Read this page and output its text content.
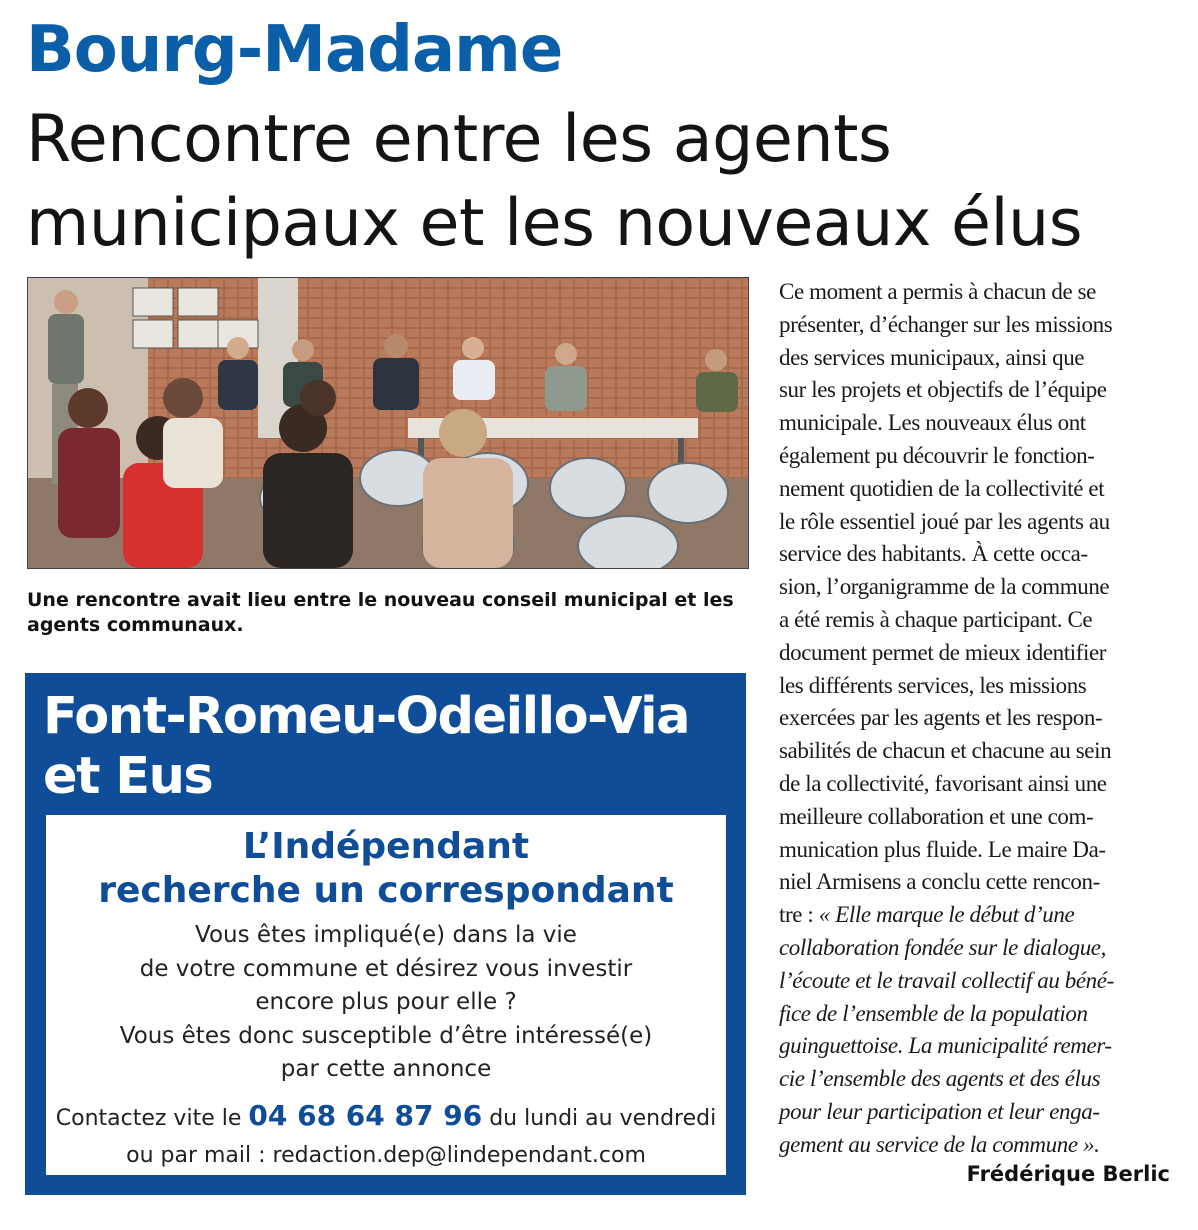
Bourg-Madame
Rencontre entre les agents
municipaux et les nouveaux élus
Une rencontre avait lieu entre le nouveau conseil municipal et les agents communaux.
Font-Romeu-Odeillo-Via
et Eus
L’Indépendant
recherche un correspondant
Vous êtes impliqué(e) dans la vie
de votre commune et désirez vous investir
encore plus pour elle ?
Vous êtes donc susceptible d’être intéressé(e)
par cette annonce
Contactez vite le 04 68 64 87 96 du lundi au vendredi
ou par mail : redaction.dep@lindependant.com
Ce moment a permis à chacun de se
présenter, d’échanger sur les missions
des services municipaux, ainsi que
sur les projets et objectifs de l’équipe
municipale. Les nouveaux élus ont
également pu découvrir le fonction-
nement quotidien de la collectivité et
le rôle essentiel joué par les agents au
service des habitants. À cette occa-
sion, l’organigramme de la commune
a été remis à chaque participant. Ce
document permet de mieux identifier
les différents services, les missions
exercées par les agents et les respon-
sabilités de chacun et chacune au sein
de la collectivité, favorisant ainsi une
meilleure collaboration et une com-
munication plus fluide. Le maire Da-
niel Armisens a conclu cette rencon-
tre : « Elle marque le début d’une
collaboration fondée sur le dialogue,
l’écoute et le travail collectif au béné-
fice de l’ensemble de la population
guinguettoise. La municipalité remer-
cie l’ensemble des agents et des élus
pour leur participation et leur enga-
gement au service de la commune ».
Frédérique Berlic
